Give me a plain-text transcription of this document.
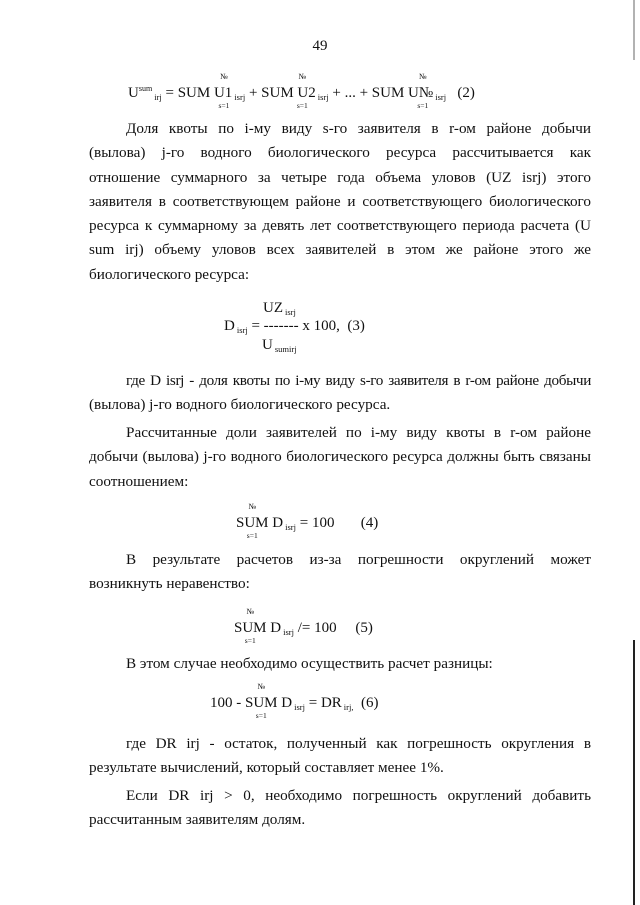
49
$U^{sum}_{irj}$
№
= SUM U1
s=1
$_{isrj}$
№
+ SUM U2
s=1
$_{isrj}$
№
+ ... + SUM U№
s=1
$_{isrj}$ (2)
Доля квоты по i-му виду s-го заявителя в r-ом районе добычи
(вылова) j-го водного биологического ресурса рассчитывается как
отношение суммарного за четыре года объема уловов (UZ isrj) этого
заявителя в соответствующем районе и соответствующего биологического
ресурса к суммарному за девять лет соответствующего периода расчета (U
sum irj) объему уловов всех заявителей в этом же районе этого же
биологического ресурса:
UZ $_{isrj}$
D $_{isrj}$ = ------- x 100, (3)
U $_{sumirj}$
где D isrj - доля квоты по i-му виду s-го заявителя в r-ом районе добычи
(вылова) j-го водного биологического ресурса.
Рассчитанные доли заявителей по i-му виду квоты в r-ом районе
добычи (вылова) j-го водного биологического ресурса должны быть связаны
соотношением:
№
SUM
s=1
D $_{isrj}$ = 100 (4)
В результате расчетов из-за погрешности округлений может
возникнуть неравенство:
№
SUM
s=1
D $_{isrj}$ /= 100 (5)
В этом случае необходимо осуществить расчет разницы:
100 -
№
SUM
s=1
D $_{isrj}$ = DR $_{irj,}$ (6)
где DR irj - остаток, полученный как погрешность округления в
результате вычислений, который составляет менее 1%.
Если DR irj > 0, необходимо погрешность округлений добавить
рассчитанным заявителям долям.
